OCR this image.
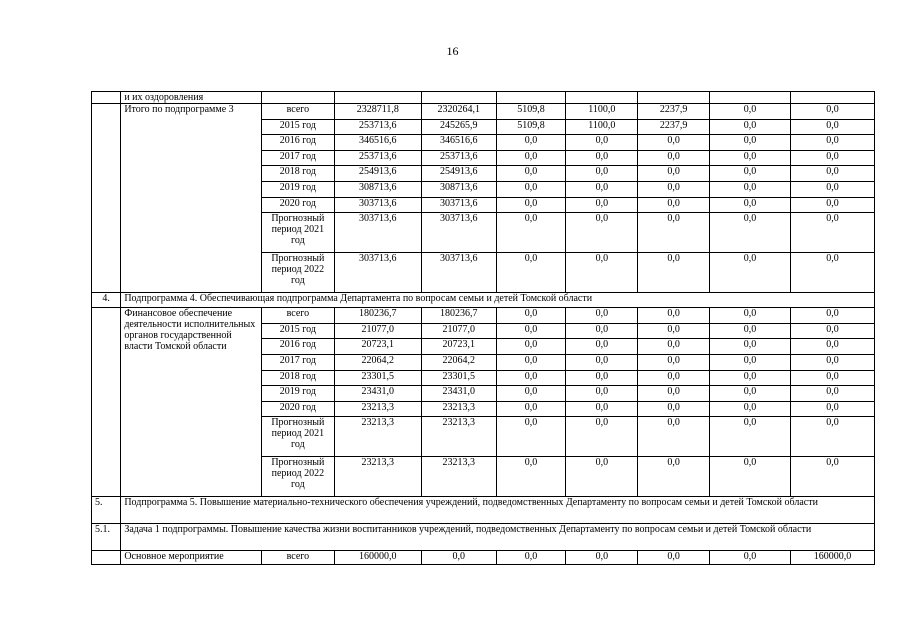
16
	и их оздоровления								
	Итого по подпрограмме 3	всего	2328711,8	2320264,1	5109,8	1100,0	2237,9	0,0	0,0
		2015 год	253713,6	245265,9	5109,8	1100,0	2237,9	0,0	0,0
		2016 год	346516,6	346516,6	0,0	0,0	0,0	0,0	0,0
		2017 год	253713,6	253713,6	0,0	0,0	0,0	0,0	0,0
		2018 год	254913,6	254913,6	0,0	0,0	0,0	0,0	0,0
		2019 год	308713,6	308713,6	0,0	0,0	0,0	0,0	0,0
		2020 год	303713,6	303713,6	0,0	0,0	0,0	0,0	0,0
		Прогнозный период 2021 год	303713,6	303713,6	0,0	0,0	0,0	0,0	0,0
		Прогнозный период 2022 год	303713,6	303713,6	0,0	0,0	0,0	0,0	0,0
4.	Подпрограмма 4. Обеспечивающая подпрограмма Департамента по вопросам семьи и детей Томской области								
	Финансовое обеспечение деятельности исполнительных органов государственной власти Томской области	всего	180236,7	180236,7	0,0	0,0	0,0	0,0	0,0
		2015 год	21077,0	21077,0	0,0	0,0	0,0	0,0	0,0
		2016 год	20723,1	20723,1	0,0	0,0	0,0	0,0	0,0
		2017 год	22064,2	22064,2	0,0	0,0	0,0	0,0	0,0
		2018 год	23301,5	23301,5	0,0	0,0	0,0	0,0	0,0
		2019 год	23431,0	23431,0	0,0	0,0	0,0	0,0	0,0
		2020 год	23213,3	23213,3	0,0	0,0	0,0	0,0	0,0
		Прогнозный период 2021 год	23213,3	23213,3	0,0	0,0	0,0	0,0	0,0
		Прогнозный период 2022 год	23213,3	23213,3	0,0	0,0	0,0	0,0	0,0
5.	Подпрограмма 5. Повышение материально-технического обеспечения учреждений, подведомственных Департаменту по вопросам семьи и детей Томской области								
5.1.	Задача 1 подпрограммы. Повышение качества жизни воспитанников учреждений, подведомственных Департаменту по вопросам семьи и детей Томской области								
	Основное мероприятие	всего	160000,0	0,0	0,0	0,0	0,0	0,0	160000,0
